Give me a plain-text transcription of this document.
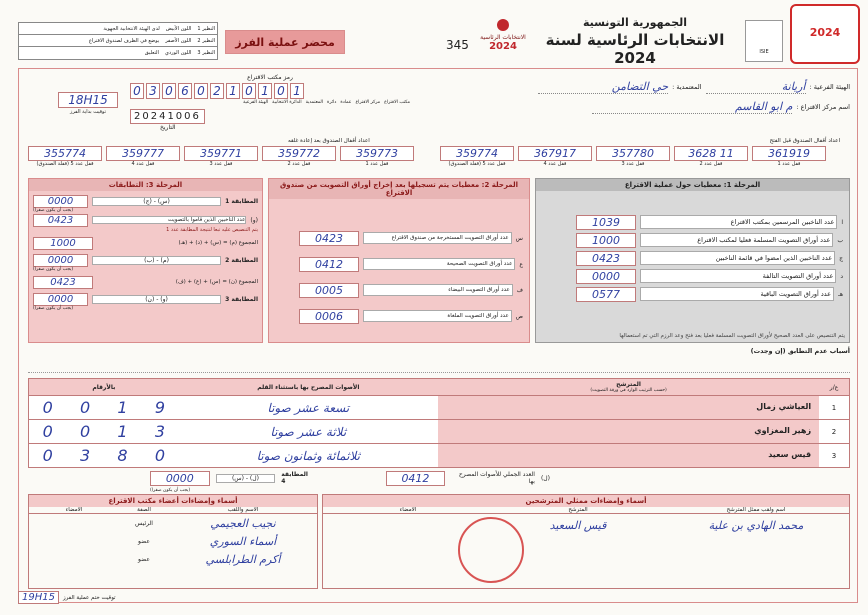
النظير 1
اللون الأبيض
لدى الهيئة الانتخابية الجهوية
النظير 2
اللون الأصفر
يوضع في الظرف لصندوق الاقتراع
النظير 3
اللون الوردي
التعليق
محضر عملية الفرز	345
الانتخابات الرئاسية
2024
الجمهورية التونسية
الانتخابات الرئاسية لسنة 2024	ISIE
2024
الهيئة الفرعية :
أريانة
المعتمدية :
حي التضامن
اسم مركز الاقتراع :
م ابو القاسم
رمز مكتب الاقتراع
0 3 0 6 0 2 1 0 1 0 1
مكتب الاقتراع
مركز الاقتراع
عمادة
دائرة
المعتمدية
الدائرة الانتخابية
الهيئة الفرعية
20241006
التاريخ
18H15
توقيت بداية الفرز
اعداد أقفال الصندوق بعد إعادة غلقه	اعداد أقفال الصندوق قبل الفتح
355774	359777	359771	359772	359773	359774	367917	357780	3628 11	361919
قفل عدد 5 (قفلة الصندوق)	قفل عدد 4	قفل عدد 3	قفل عدد 2	قفل عدد 1	قفل عدد 5 (قفلة الصندوق)	قفل عدد 4	قفل عدد 3	قفل عدد 2	قفل عدد 1
المرحلة 1: معطيات حول عملية الاقتراع
1039	عدد الناخبين المرسمين بمكتب الاقتراع	ا
1000	عدد أوراق التصويت المسلمة فعليا لمكتب الاقتراع	ب
0423	عدد الناخبين الذين امضوا في قائمة الناخبين	ج
0000	عدد أوراق التصويت التالفة	د
0577	عدد أوراق التصويت الباقية	هـ
يتم التنصيص على العدد الصحيح لأوراق التصويت المسلمة فعليا بعد فتح وعد الرزم التي تم استعمالها
المرحلة 2: معطيات يتم تسجيلها بعد إخراج أوراق التصويت من صندوق الاقتراع
0423	عدد أوراق التصويت المستخرجة من صندوق الاقتراع	س
0412	عدد أوراق التصويت الصحيحة	ع
0005	عدد أوراق التصويت البيضاء	ف
0006	عدد أوراق التصويت الملغاة	ص
المرحلة 3: التطابقات
0000	(ج) - (س)	المطابقة 1
(يجب أن يكون صفرا)
0423	عدد الناخبين الذين قاموا بالتصويت (و)
يتم التنصيص عليه تبعا لنتيجة المطابقة عدد 1
1000	المجموع (م) = (س) + (د) + (هـ)
0000	(ب) - (م)	المطابقة 2
(يجب أن يكون صفرا)
0423	المجموع (ن) = (س) + (ع) + (ف)
0000	(ن) - (و)	المطابقة 3
(يجب أن يكون صفرا)
أسباب عدم التطابق (إن وجدت)
بالأرقام	الأصوات المصرح بها باستثناء القلم	المترشح
(حسب الترتيب الوارد في ورقة التصويت)	ع/ر
0 0 1 9	تسعة عشر صوتا	العياشي زمال	1
0 0 1 3	ثلاثة عشر صوتا	زهير المغزاوي	2
0 3 8 0	ثلاثمائة وثمانون صوتا	قيس سعيد	3
0000	(س) - (ل)	المطابقة 4	0412	العدد الجملي للأصوات المصرح بها (ل)
(يجب أن يكون صفرا)
أسماء وإمضاءات أعضاء مكتب الاقتراع
الامضاء	الصفة	الاسم واللقب
الرئيس	نجيب العجيمي
عضو	أسماء السوري
عضو	أكرم الطرابلسي
أسماء وإمضاءات ممثلي المترشحين
الامضاء	المترشح	اسم ولقب ممثل المترشح
قيس السعيد	محمد الهادي بن علية
19H15	توقيت ختم عملية الفرز
